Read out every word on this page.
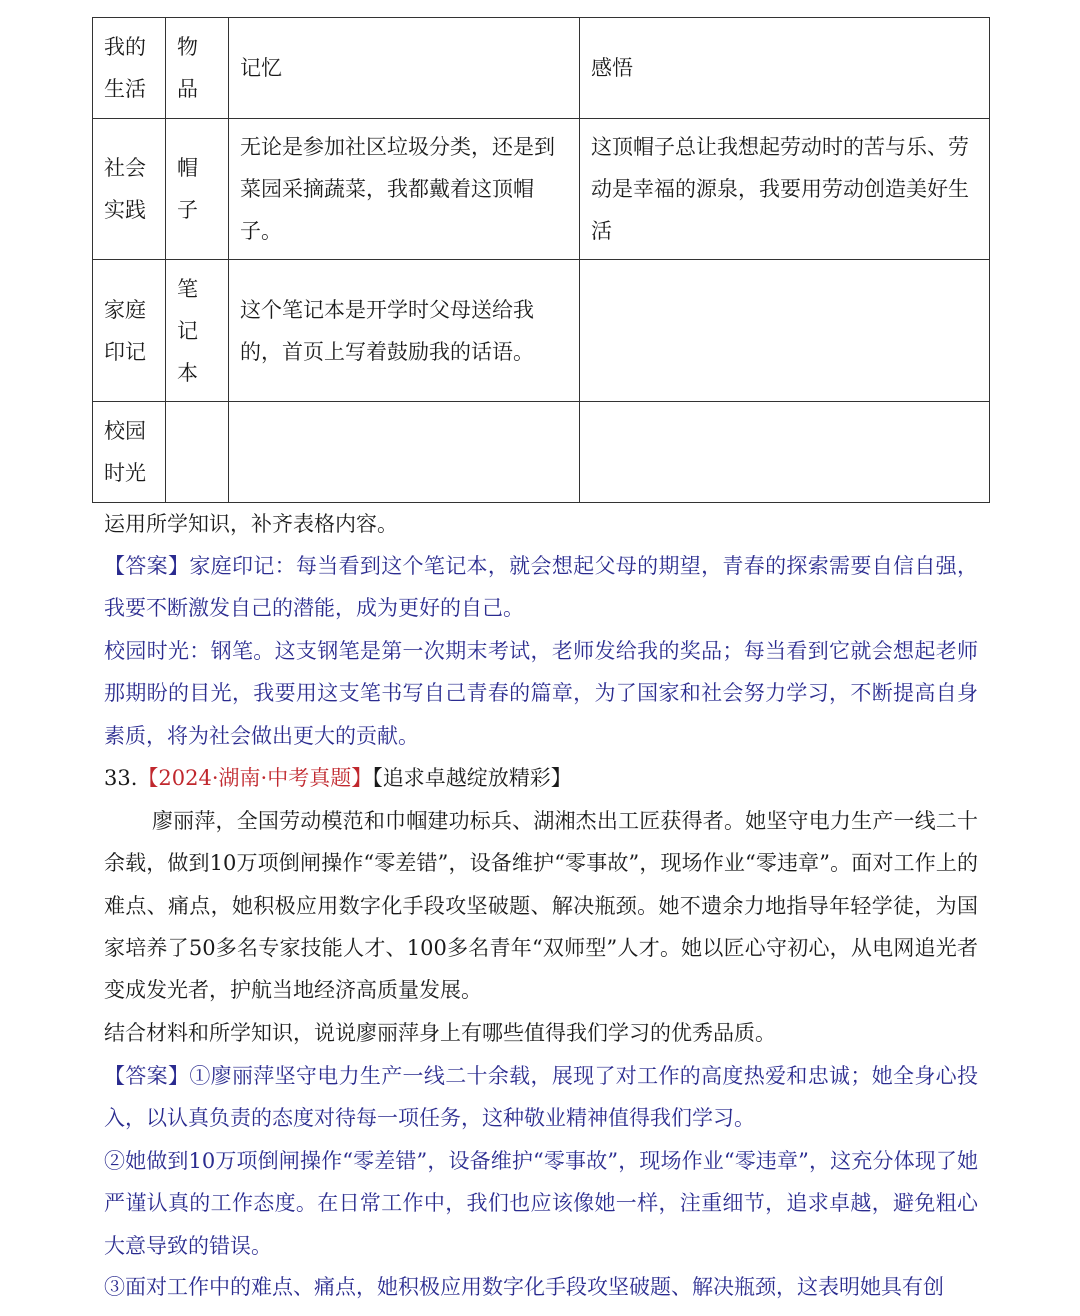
我的生活	物品	记忆	感悟

社会实践	帽子	无论是参加社区垃圾分类，还是到菜园采摘蔬菜，我都戴着这顶帽子。	这顶帽子总让我想起劳动时的苦与乐、劳动是幸福的源泉，我要用劳动创造美好生活

家庭印记	笔记本	这个笔记本是开学时父母送给我的，首页上写着鼓励我的话语。	

校园时光			

运用所学知识，补齐表格内容。

【答案】家庭印记：每当看到这个笔记本，就会想起父母的期望，青春的探索需要自信自强，我要不断激发自己的潜能，成为更好的自己。

校园时光：钢笔。这支钢笔是第一次期末考试，老师发给我的奖品；每当看到它就会想起老师那期盼的目光，我要用这支笔书写自己青春的篇章，为了国家和社会努力学习，不断提高自身素质，将为社会做出更大的贡献。

33.【2024·湖南·中考真题】【追求卓越绽放精彩】

廖丽萍，全国劳动模范和巾帼建功标兵、湖湘杰出工匠获得者。她坚守电力生产一线二十余载，做到10万项倒闸操作“零差错”，设备维护“零事故”，现场作业“零违章”。面对工作上的难点、痛点，她积极应用数字化手段攻坚破题、解决瓶颈。她不遗余力地指导年轻学徒，为国家培养了50多名专家技能人才、100多名青年“双师型”人才。她以匠心守初心，从电网追光者变成发光者，护航当地经济高质量发展。

结合材料和所学知识，说说廖丽萍身上有哪些值得我们学习的优秀品质。

【答案】①廖丽萍坚守电力生产一线二十余载，展现了对工作的高度热爱和忠诚；她全身心投入，以认真负责的态度对待每一项任务，这种敬业精神值得我们学习。

②她做到10万项倒闸操作“零差错”，设备维护“零事故”，现场作业“零违章”，这充分体现了她严谨认真的工作态度。在日常工作中，我们也应该像她一样，注重细节，追求卓越，避免粗心大意导致的错误。

③面对工作中的难点、痛点，她积极应用数字化手段攻坚破题、解决瓶颈，这表明她具有创
